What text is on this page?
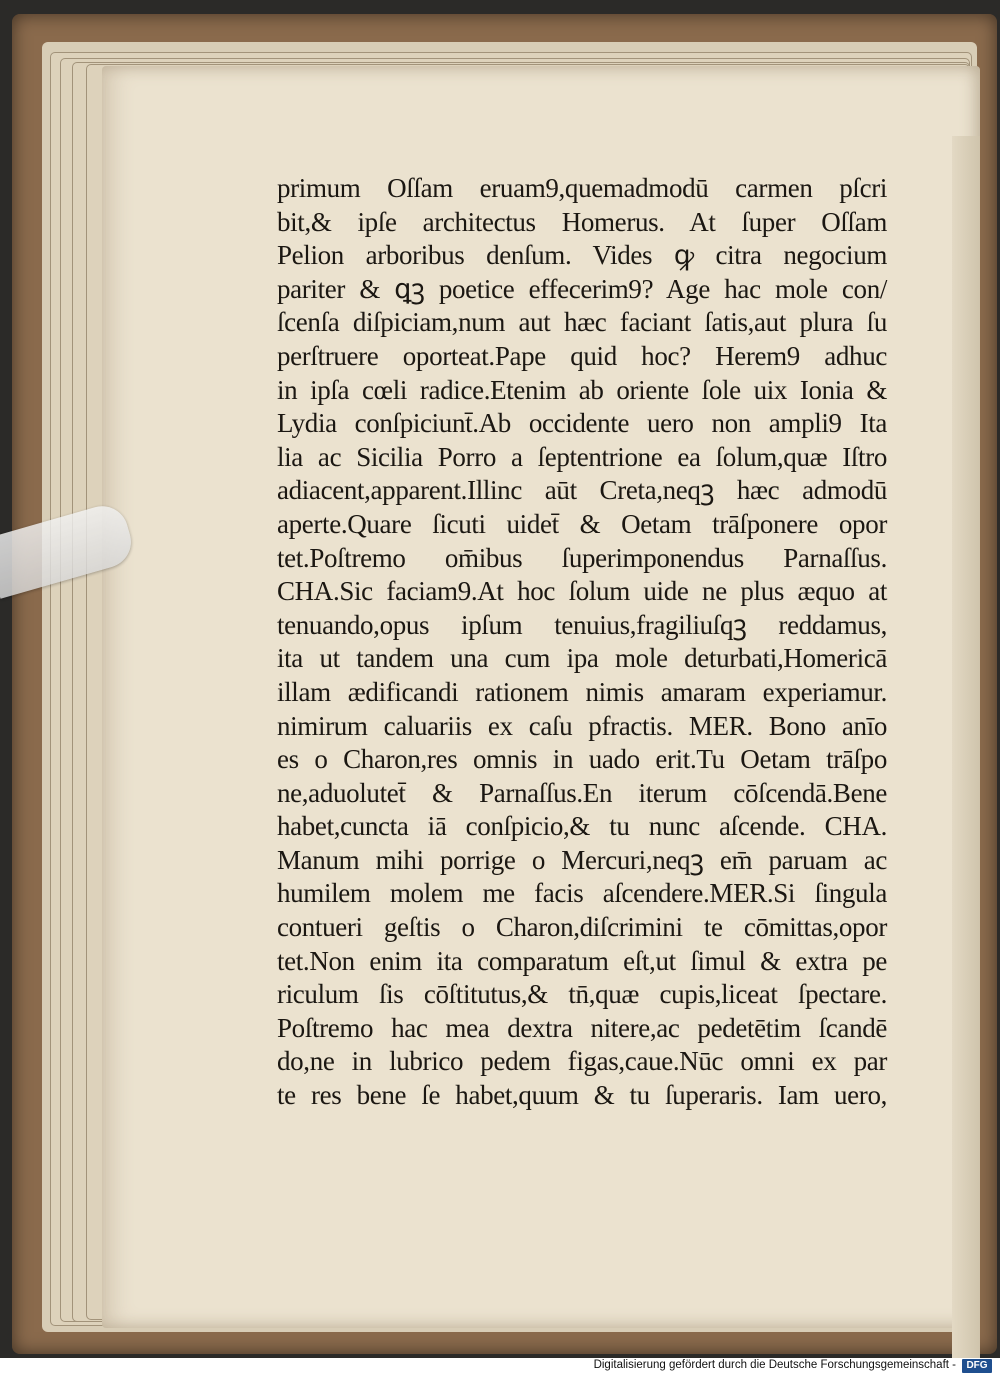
primum Oſſam eruam9,quemadmodū carmen pſcri
bit,& ipſe architectus Homerus. At ſuper Oſſam
Pelion arboribus denſum. Vides ꝙ citra negocium
pariter & ꝗꝫ poetice effecerim9? Age hac mole con/
ſcenſa diſpiciam,num aut hæc faciant ſatis,aut plura ſu
perſtruere oporteat.Pape quid hoc? Herem9 adhuc
in ipſa cœli radice.Etenim ab oriente ſole uix Ionia &
Lydia conſpiciunt̄.Ab occidente uero non ampli9 Ita
lia ac Sicilia Porro a ſeptentrione ea ſolum,quæ Iſtro
adiacent,apparent.Illinc aūt Creta,neqꝫ hæc admodū
aperte.Quare ſicuti uidet̄ & Oetam trāſponere opor
tet.Poſtremo om̄ibus ſuperimponendus Parnaſſus.
CHA.Sic faciam9.At hoc ſolum uide ne plus æquo at
tenuando,opus ipſum tenuius,fragiliuſqꝫ reddamus,
ita ut tandem una cum ipa mole deturbati,Homericā
illam ædificandi rationem nimis amaram experiamur.
nimirum caluariis ex caſu pfractis. MER. Bono anīo
es o Charon,res omnis in uado erit.Tu Oetam trāſpo
ne,aduolutet̄ & Parnaſſus.En iterum cōſcendā.Bene
habet,cuncta iā conſpicio,& tu nunc aſcende. CHA.
Manum mihi porrige o Mercuri,neqꝫ em̄ paruam ac
humilem molem me facis aſcendere.MER.Si ſingula
contueri geſtis o Charon,diſcrimini te cōmittas,opor
tet.Non enim ita comparatum eſt,ut ſimul & extra pe
riculum ſis cōſtitutus,& tn̄,quæ cupis,liceat ſpectare.
Poſtremo hac mea dextra nitere,ac pedetētim ſcandē
do,ne in lubrico pedem figas,caue.Nūc omni ex par
te res bene ſe habet,quum & tu ſuperaris. Iam uero,
Digitalisierung gefördert durch die Deutsche Forschungsgemeinschaft -	DFG
